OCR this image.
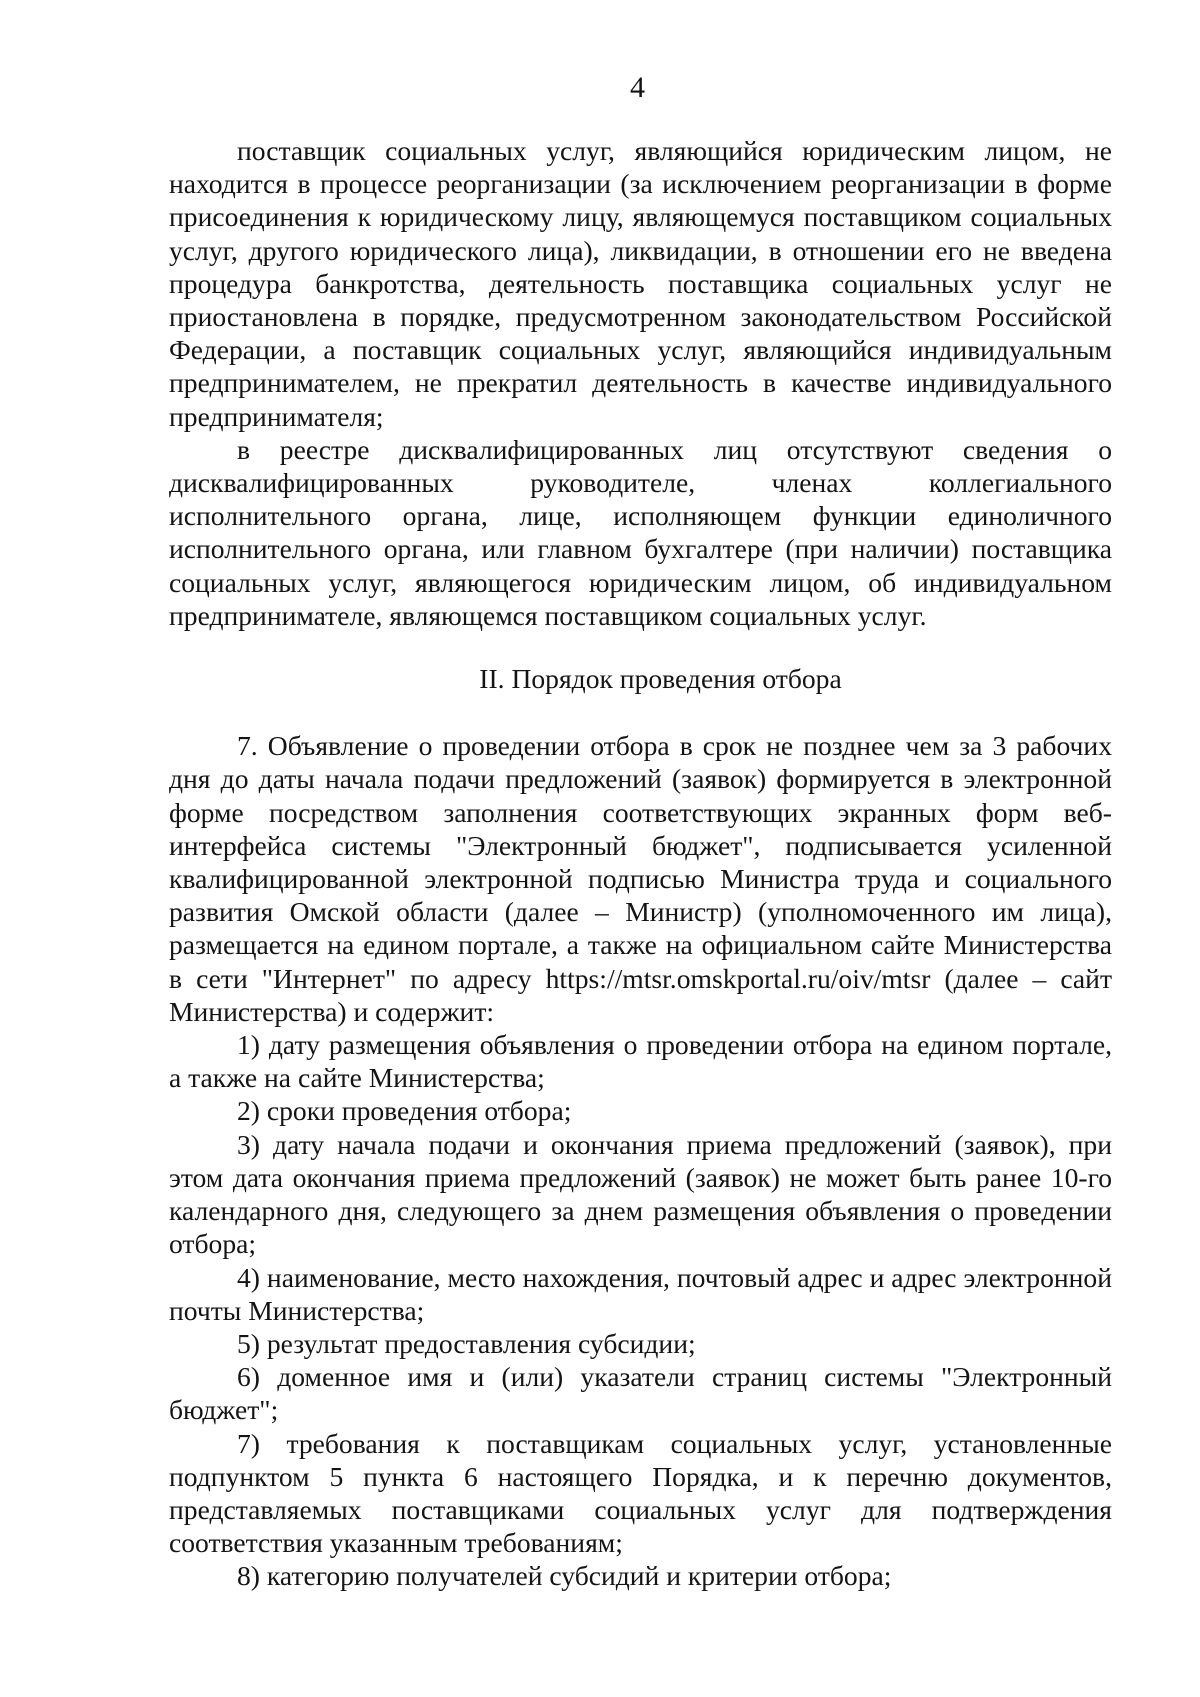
4

поставщик социальных услуг, являющийся юридическим лицом, не находится в процессе реорганизации (за исключением реорганизации в форме присоединения к юридическому лицу, являющемуся поставщиком социальных услуг, другого юридического лица), ликвидации, в отношении его не введена процедура банкротства, деятельность поставщика социальных услуг не приостановлена в порядке, предусмотренном законодательством Российской Федерации, а поставщик социальных услуг, являющийся индивидуальным предпринимателем, не прекратил деятельность в качестве индивидуального предпринимателя;

в реестре дисквалифицированных лиц отсутствуют сведения о дисквалифицированных руководителе, членах коллегиального исполнительного органа, лице, исполняющем функции единоличного исполнительного органа, или главном бухгалтере (при наличии) поставщика социальных услуг, являющегося юридическим лицом, об индивидуальном предпринимателе, являющемся поставщиком социальных услуг.

II. Порядок проведения отбора

7. Объявление о проведении отбора в срок не позднее чем за 3 рабочих дня до даты начала подачи предложений (заявок) формируется в электронной форме посредством заполнения соответствующих экранных форм веб-интерфейса системы "Электронный бюджет", подписывается усиленной квалифицированной электронной подписью Министра труда и социального развития Омской области (далее – Министр) (уполномоченного им лица), размещается на едином портале, а также на официальном сайте Министерства в сети "Интернет" по адресу https://mtsr.omskportal.ru/oiv/mtsr (далее – сайт Министерства) и содержит:

1) дату размещения объявления о проведении отбора на едином портале, а также на сайте Министерства;

2) сроки проведения отбора;

3) дату начала подачи и окончания приема предложений (заявок), при этом дата окончания приема предложений (заявок) не может быть ранее 10-го календарного дня, следующего за днем размещения объявления о проведении отбора;

4) наименование, место нахождения, почтовый адрес и адрес электронной почты Министерства;

5) результат предоставления субсидии;

6) доменное имя и (или) указатели страниц системы "Электронный бюджет";

7) требования к поставщикам социальных услуг, установленные подпунктом 5 пункта 6 настоящего Порядка, и к перечню документов, представляемых поставщиками социальных услуг для подтверждения соответствия указанным требованиям;

8) категорию получателей субсидий и критерии отбора;
